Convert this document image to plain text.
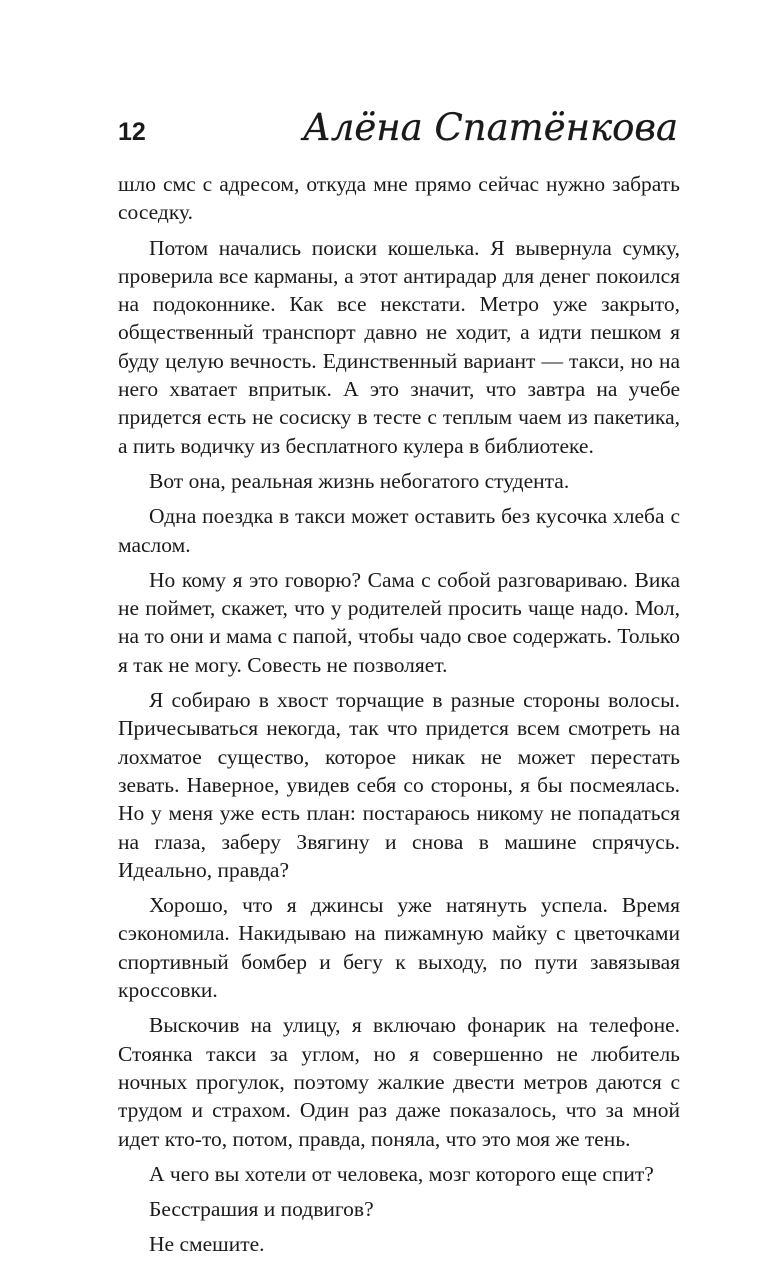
12	Алёна Спатёнкова

шло смс с адресом, откуда мне прямо сейчас нужно забрать соседку.

Потом начались поиски кошелька. Я вывернула сумку, проверила все карманы, а этот антирадар для денег покоился на подоконнике. Как все некстати. Метро уже закрыто, общественный транспорт давно не ходит, а идти пешком я буду целую вечность. Единственный вариант — такси, но на него хватает впритык. А это значит, что завтра на учебе придется есть не сосиску в тесте с теплым чаем из пакетика, а пить водичку из бесплатного кулера в библиотеке.

Вот она, реальная жизнь небогатого студента.

Одна поездка в такси может оставить без кусочка хлеба с маслом.

Но кому я это говорю? Сама с собой разговариваю. Вика не поймет, скажет, что у родителей просить чаще надо. Мол, на то они и мама с папой, чтобы чадо свое содержать. Только я так не могу. Совесть не позволяет.

Я собираю в хвост торчащие в разные стороны волосы. Причесываться некогда, так что придется всем смотреть на лохматое существо, которое никак не может перестать зевать. Наверное, увидев себя со стороны, я бы посмеялась. Но у меня уже есть план: постараюсь никому не попадаться на глаза, заберу Звягину и снова в машине спрячусь. Идеально, правда?

Хорошо, что я джинсы уже натянуть успела. Время сэкономила. Накидываю на пижамную майку с цветочками спортивный бомбер и бегу к выходу, по пути завязывая кроссовки.

Выскочив на улицу, я включаю фонарик на телефоне. Стоянка такси за углом, но я совершенно не любитель ночных прогулок, поэтому жалкие двести метров даются с трудом и страхом. Один раз даже показалось, что за мной идет кто-то, потом, правда, поняла, что это моя же тень.

А чего вы хотели от человека, мозг которого еще спит?

Бесстрашия и подвигов?

Не смешите.
